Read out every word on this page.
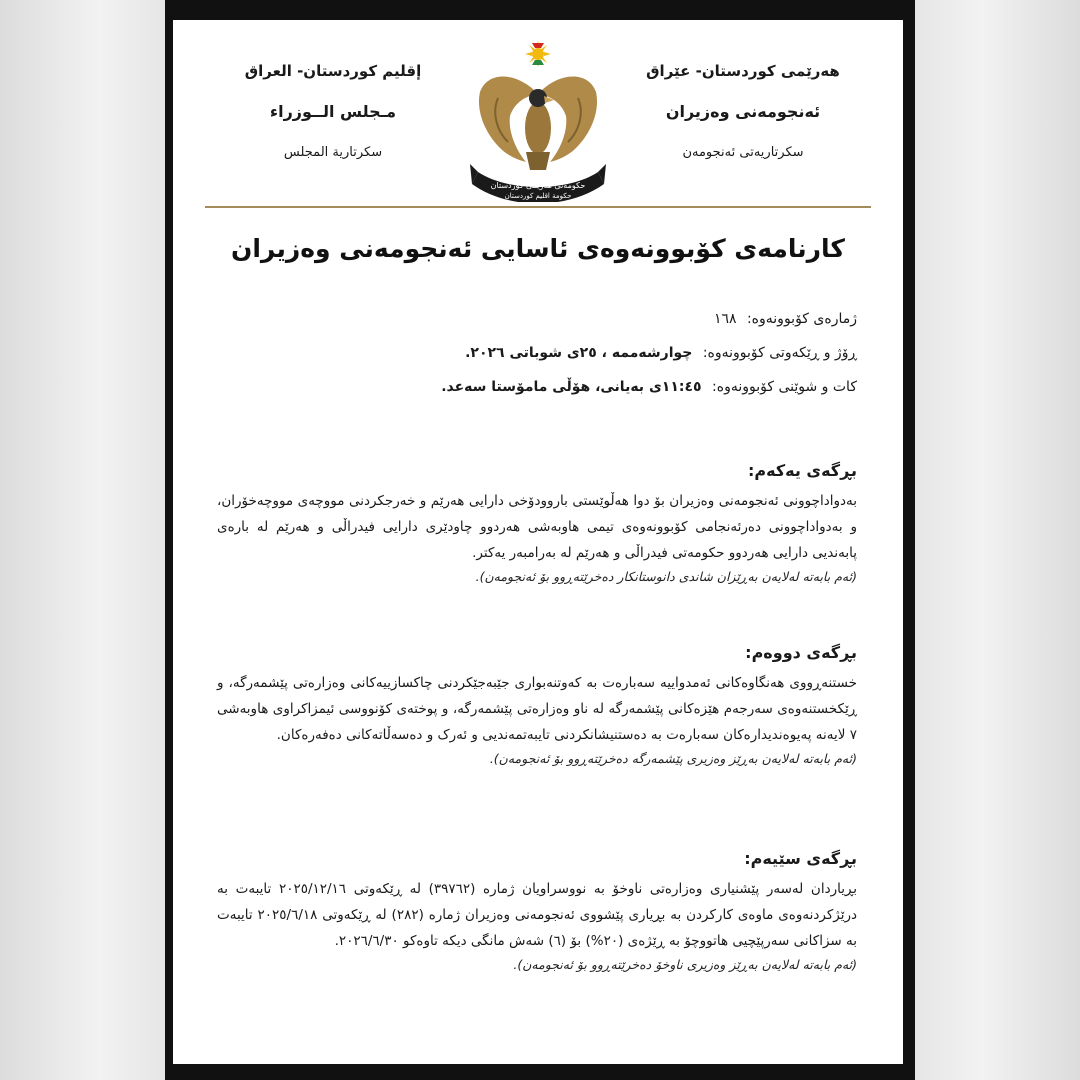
هەرێمی کوردستان- عێراق
ئەنجومەنی وەزیران
سکرتاریەتی ئەنجومەن
حکومەتی هەرێمی کوردستان
حكومة اقليم كوردستان
إقليم كوردستان- العراق
مـجلس الــوزراء
سكرتارية المجلس
کارنامەی کۆبوونەوەی ئاسایی ئەنجومەنی وەزیران
ژمارەی کۆبوونەوە: ١٦٨
ڕۆژ و ڕێکەوتی کۆبوونەوە: چوارشەممە ، ٢٥ی شوباتی ٢٠٢٦.
کات و شوێنی کۆبوونەوە: ١١:٤٥ی بەیانی، هۆڵی مامۆستا سەعد.
بڕگەی یەکەم:
بەدواداچوونی ئەنجومەنی وەزیران بۆ دوا هەڵوێستی باروودۆخی دارایی هەرێم و خەرجکردنی مووچەی مووچەخۆران، و بەدواداچوونی دەرئەنجامی کۆبوونەوەی تیمی هاوبەشی هەردوو چاودێری دارایی فیدراڵی و هەرێم لە بارەی پابەندیی دارایی هەردوو حکومەتی فیدراڵی و هەرێم لە بەرامبەر یەکتر.
(ئەم بابەتە لەلایەن بەڕێزان شاندی دانوستانکار دەخرێتەڕوو بۆ ئەنجومەن).
بڕگەی دووەم:
خستنەڕووی هەنگاوەکانی ئەمدواییە سەبارەت بە کەوتنەبواری جێبەجێکردنی چاکسازییەکانی وەزارەتی پێشمەرگە، و ڕێکخستنەوەی سەرجەم هێزەکانی پێشمەرگە لە ناو وەزارەتی پێشمەرگە، و پوختەی کۆنووسی ئیمزاکراوی هاوبەشی ٧ لایەنە پەیوەندیدارەکان سەبارەت بە دەستنیشانکردنی تایبەتمەندیی و ئەرک و دەسەڵاتەکانی دەفەرەکان.
(ئەم بابەتە لەلایەن بەڕێز وەزیری پێشمەرگە دەخرێتەڕوو بۆ ئەنجومەن).
بڕگەی سێیەم:
بڕیاردان لەسەر پێشنیاری وەزارەتی ناوخۆ بە نووسراویان ژمارە (٣٩٧٦٢) لە ڕێکەوتی ٢٠٢٥/١٢/١٦ تایبەت بە درێژکردنەوەی ماوەی کارکردن بە بڕیاری پێشووی ئەنجومەنی وەزیران ژمارە (٢٨٢) لە ڕێکەوتی ٢٠٢٥/٦/١٨ تایبەت بە سزاکانی سەرپێچیی هاتووچۆ بە ڕێژەی (٢٠%) بۆ (٦) شەش مانگی دیکە تاوەکو ٢٠٢٦/٦/٣٠.
(ئەم بابەتە لەلایەن بەڕێز وەزیری ناوخۆ دەخرێتەڕوو بۆ ئەنجومەن).
